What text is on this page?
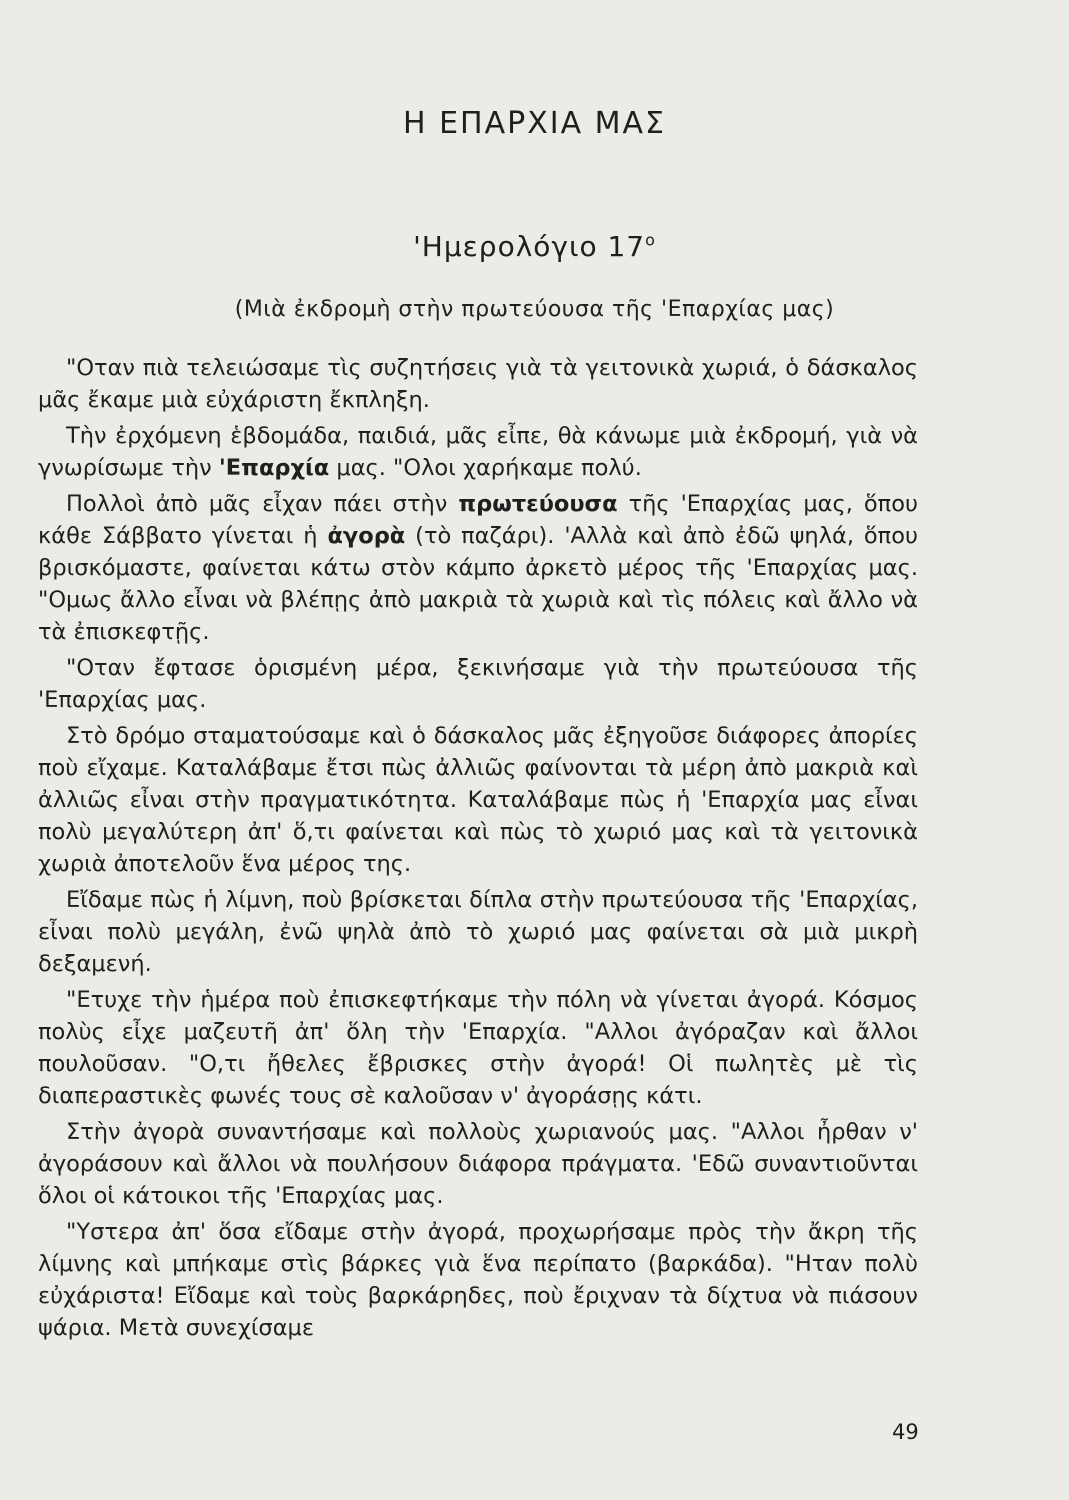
Η ΕΠΑΡΧΙΑ ΜΑΣ
'Ημερολόγιο $17^o$

(Μιὰ ἐκδρομὴ στὴν πρωτεύουσα τῆς 'Επαρχίας μας)

"Οταν πιὰ τελειώσαμε τὶς συζητήσεις γιὰ τὰ γειτονικὰ χωριά, ὁ δάσκαλος μᾶς ἔκαμε μιὰ εὐχάριστη ἔκπληξη.

Τὴν ἐρχόμενη ἑβδομάδα, παιδιά, μᾶς εἶπε, θὰ κάνωμε μιὰ ἐκδρομή, γιὰ νὰ γνωρίσωμε τὴν 'Επαρχία μας. "Ολοι χαρήκαμε πολύ.

Πολλοὶ ἀπὸ μᾶς εἶχαν πάει στὴν πρωτεύουσα τῆς 'Επαρχίας μας, ὅπου κάθε Σάββατο γίνεται ἡ ἀγορὰ (τὸ παζάρι). 'Αλλὰ καὶ ἀπὸ ἐδῶ ψηλά, ὅπου βρισκόμαστε, φαίνεται κάτω στὸν κάμπο ἀρκετὸ μέρος τῆς 'Επαρχίας μας. "Ομως ἄλλο εἶναι νὰ βλέπῃς ἀπὸ μακριὰ τὰ χωριὰ καὶ τὶς πόλεις καὶ ἄλλο νὰ τὰ ἐπισκεφτῇς.

"Οταν ἔφτασε ὁρισμένη μέρα, ξεκινήσαμε γιὰ τὴν πρωτεύουσα τῆς 'Επαρχίας μας.

Στὸ δρόμο σταματούσαμε καὶ ὁ δάσκαλος μᾶς ἐξηγοῦσε διάφορες ἀπορίες ποὺ εἴχαμε. Καταλάβαμε ἔτσι πὼς ἀλλιῶς φαίνονται τὰ μέρη ἀπὸ μακριὰ καὶ ἀλλιῶς εἶναι στὴν πραγματικότητα. Καταλάβαμε πὼς ἡ 'Επαρχία μας εἶναι πολὺ μεγαλύτερη ἀπ' ὅ,τι φαίνεται καὶ πὼς τὸ χωριό μας καὶ τὰ γειτονικὰ χωριὰ ἀποτελοῦν ἕνα μέρος της.

Εἴδαμε πὼς ἡ λίμνη, ποὺ βρίσκεται δίπλα στὴν πρωτεύουσα τῆς 'Επαρχίας, εἶναι πολὺ μεγάλη, ἐνῶ ψηλὰ ἀπὸ τὸ χωριό μας φαίνεται σὰ μιὰ μικρὴ δεξαμενή.

"Ετυχε τὴν ἡμέρα ποὺ ἐπισκεφτήκαμε τὴν πόλη νὰ γίνεται ἀγορά. Κόσμος πολὺς εἶχε μαζευτῆ ἀπ' ὅλη τὴν 'Επαρχία. "Αλλοι ἀγόραζαν καὶ ἄλλοι πουλοῦσαν. "Ο,τι ἤθελες ἔβρισκες στὴν ἀγορά! Οἱ πωλητὲς μὲ τὶς διαπεραστικὲς φωνές τους σὲ καλοῦσαν ν' ἀγοράσῃς κάτι.

Στὴν ἀγορὰ συναντήσαμε καὶ πολλοὺς χωριανούς μας. "Αλλοι ἦρθαν ν' ἀγοράσουν καὶ ἄλλοι νὰ πουλήσουν διάφορα πράγματα. 'Εδῶ συναντιοῦνται ὅλοι οἱ κάτοικοι τῆς 'Επαρχίας μας.

"Υστερα ἀπ' ὅσα εἴδαμε στὴν ἀγορά, προχωρήσαμε πρὸς τὴν ἄκρη τῆς λίμνης καὶ μπήκαμε στὶς βάρκες γιὰ ἕνα περίπατο (βαρκάδα). "Ηταν πολὺ εὐχάριστα! Εἴδαμε καὶ τοὺς βαρκάρηδες, ποὺ ἔριχναν τὰ δίχτυα νὰ πιάσουν ψάρια. Μετὰ συνεχίσαμε

49
